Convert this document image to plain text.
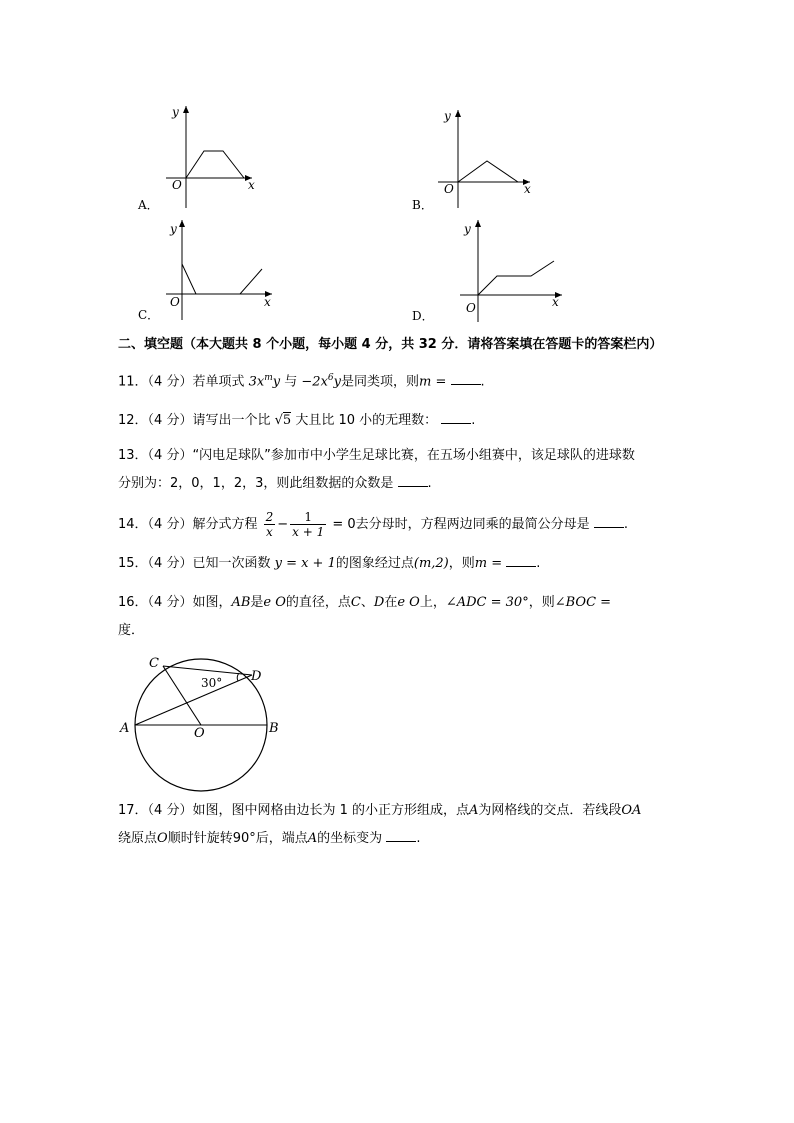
y
x
O
A．
y
x
O
B．
y
x
O
C．
y
x
O
D．
二、填空题（本大题共 8 个小题，每小题 4 分，共 32 分．请将答案填在答题卡的答案栏内）
11．（4 分）若单项式 $3x^my$ 与 $-2x^6y$是同类项，则m = .
12．（4 分）请写出一个比 √5 大且比 10 小的无理数：	.
13．（4 分）“闪电足球队”参加市中小学生足球比赛，在五场小组赛中，该足球队的进球数
分别为：2，0，1，2，3，则此组数据的众数是	.
14．（4 分）解分式方程 $\frac{2}{x} - \frac{1}{x + 1} = 0$去分母时，方程两边同乘的最简公分母是	.
15．（4 分）已知一次函数 y = x + 1的图象经过点(m,2)，则m = .
16．（4 分）如图，AB是e O的直径，点C、D在e O上，∠ADC = 30°，则∠BOC =
度．
C
D
A	B
O
30°
17．（4 分）如图，图中网格由边长为 1 的小正方形组成，点A为网格线的交点．若线段OA
绕原点O顺时针旋转90°后，端点A的坐标变为	.
